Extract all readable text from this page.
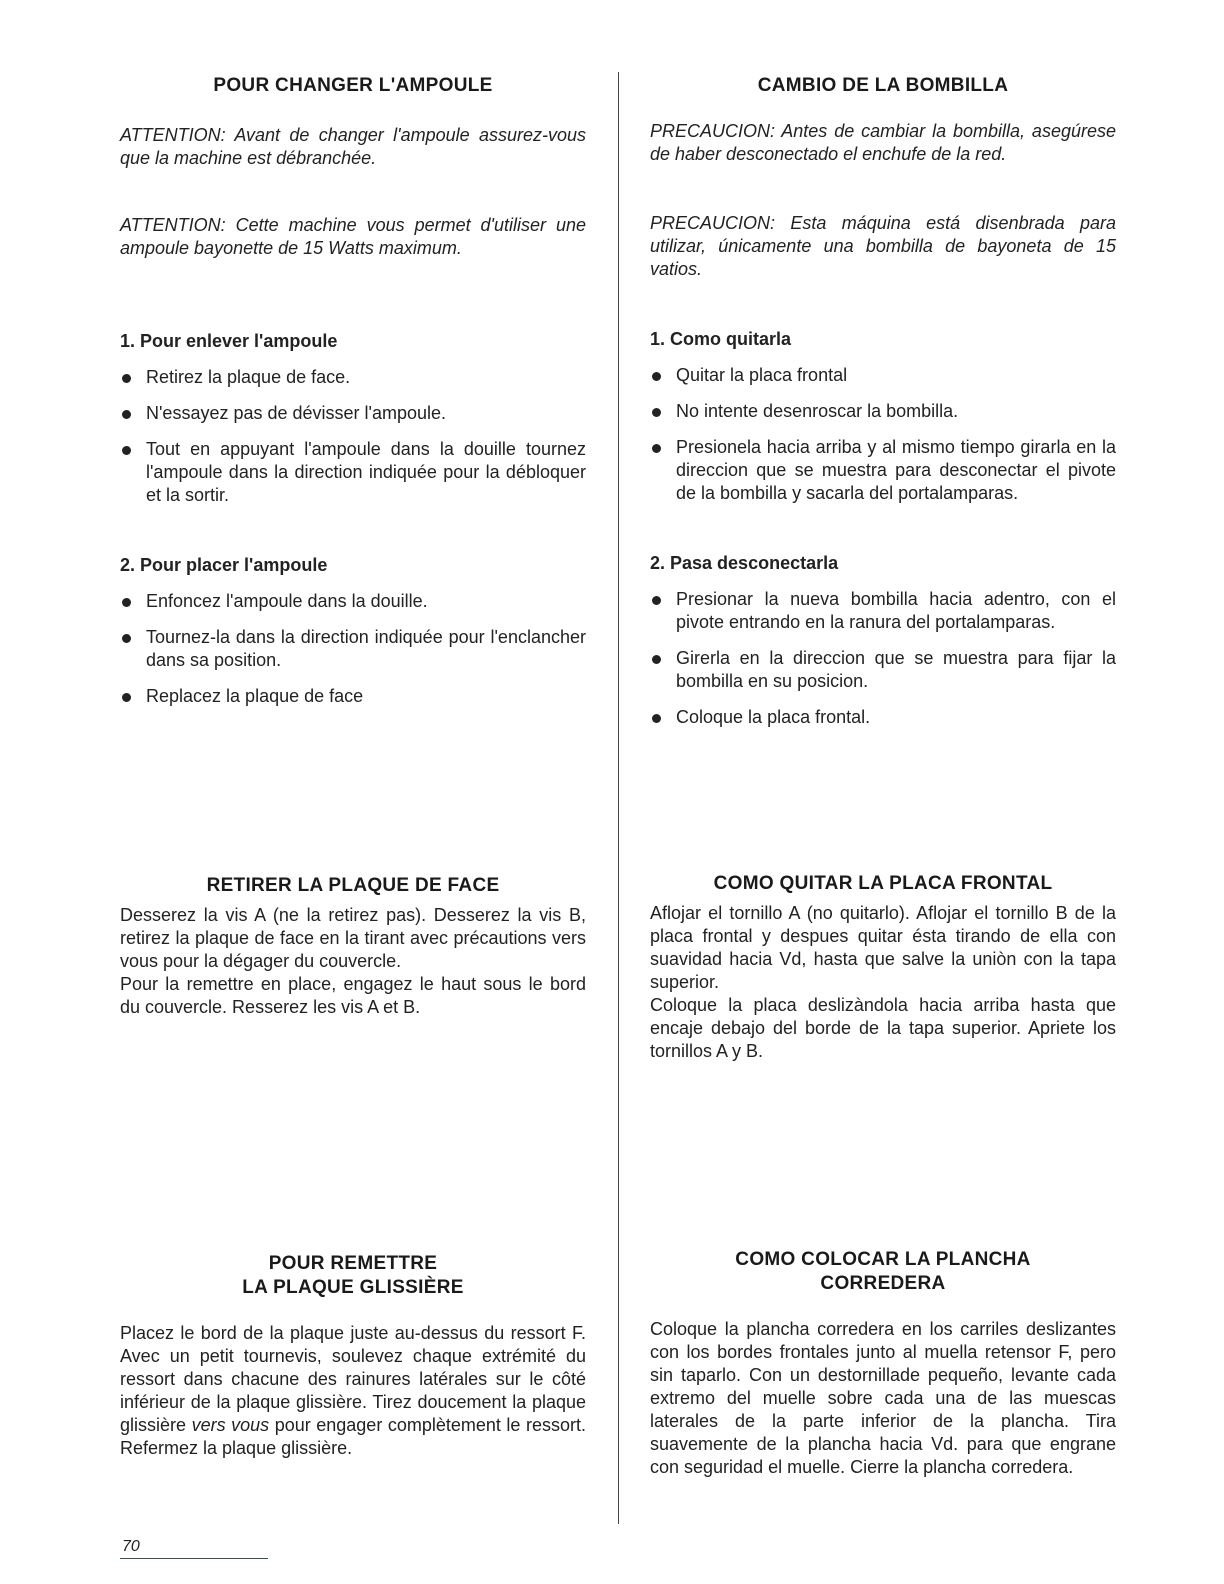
POUR CHANGER L'AMPOULE

ATTENTION: Avant de changer l'ampoule assurez-vous que la machine est débranchée.

ATTENTION: Cette machine vous permet d'utiliser une ampoule bayonette de 15 Watts maximum.

1. Pour enlever l'ampoule
Retirez la plaque de face.
N'essayez pas de dévisser l'ampoule.
Tout en appuyant l'ampoule dans la douille tournez l'ampoule dans la direction indiquée pour la débloquer et la sortir.
2. Pour placer l'ampoule
Enfoncez l'ampoule dans la douille.
Tournez-la dans la direction indiquée pour l'enclancher dans sa position.
Replacez la plaque de face
RETIRER LA PLAQUE DE FACE

Desserez la vis A (ne la retirez pas). Desserez la vis B, retirez la plaque de face en la tirant avec précautions vers vous pour la dégager du couvercle.

Pour la remettre en place, engagez le haut sous le bord du couvercle. Resserez les vis A et B.

POUR REMETTRE
LA PLAQUE GLISSIÈRE

Placez le bord de la plaque juste au-dessus du ressort F. Avec un petit tournevis, soulevez chaque extrémité du ressort dans chacune des rainures latérales sur le côté inférieur de la plaque glissière. Tirez doucement la plaque glissière vers vous pour engager complètement le ressort. Refermez la plaque glissière.

CAMBIO DE LA BOMBILLA

PRECAUCION: Antes de cambiar la bombilla, asegúrese de haber desconectado el enchufe de la red.

PRECAUCION: Esta máquina está disenbrada para utilizar, únicamente una bombilla de bayoneta de 15 vatios.

1. Como quitarla
Quitar la placa frontal
No intente desenroscar la bombilla.
Presionela hacia arriba y al mismo tiempo girarla en la direccion que se muestra para desconectar el pivote de la bombilla y sacarla del portalamparas.
2. Pasa desconectarla
Presionar la nueva bombilla hacia adentro, con el pivote entrando en la ranura del portalamparas.
Girerla en la direccion que se muestra para fijar la bombilla en su posicion.
Coloque la placa frontal.
COMO QUITAR LA PLACA FRONTAL

Aflojar el tornillo A (no quitarlo). Aflojar el tornillo B de la placa frontal y despues quitar ésta tirando de ella con suavidad hacia Vd, hasta que salve la uniòn con la tapa superior.

Coloque la placa deslizàndola hacia arriba hasta que encaje debajo del borde de la tapa superior. Apriete los tornillos A y B.

COMO COLOCAR LA PLANCHA
CORREDERA

Coloque la plancha corredera en los carriles deslizantes con los bordes frontales junto al muella retensor F, pero sin taparlo. Con un destornillade pequeño, levante cada extremo del muelle sobre cada una de las muescas laterales de la parte inferior de la plancha. Tira suavemente de la plancha hacia Vd. para que engrane con seguridad el muelle. Cierre la plancha corredera.

70
